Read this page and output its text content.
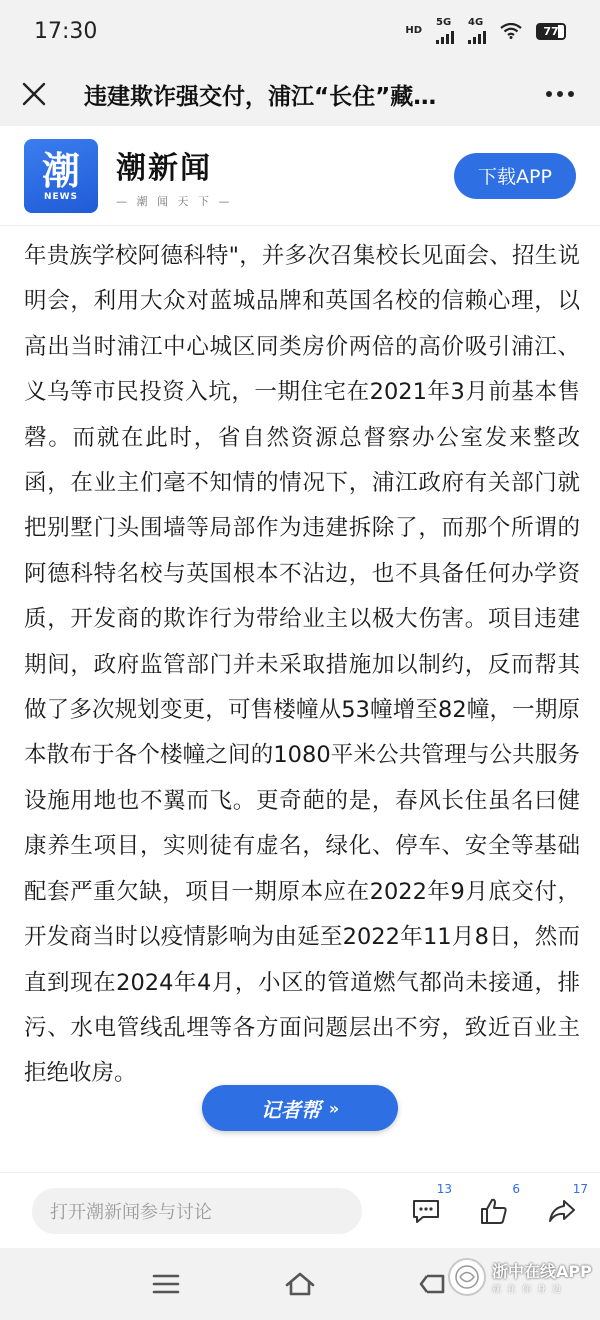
17:30	HD
5G 4G
77
违建欺诈强交付，浦江“长住”藏…
潮
NEWS
潮新闻
— 潮 闻 天 下 —
下载APP

年贵族学校阿德科特"，并多次召集校长见面会、招生说明会，利用大众对蓝城品牌和英国名校的信赖心理，以高出当时浦江中心城区同类房价两倍的高价吸引浦江、义乌等市民投资入坑，一期住宅在2021年3月前基本售磬。而就在此时，省自然资源总督察办公室发来整改函，在业主们毫不知情的情况下，浦江政府有关部门就把别墅门头围墙等局部作为违建拆除了，而那个所谓的阿德科特名校与英国根本不沾边，也不具备任何办学资质，开发商的欺诈行为带给业主以极大伤害。项目违建期间，政府监管部门并未采取措施加以制约，反而帮其做了多次规划变更，可售楼幢从53幢增至82幢，一期原本散布于各个楼幢之间的1080平米公共管理与公共服务设施用地也不翼而飞。更奇葩的是，春风长住虽名曰健康养生项目，实则徒有虚名，绿化、停车、安全等基础配套严重欠缺，项目一期原本应在2022年9月底交付，开发商当时以疫情影响为由延至2022年11月8日，然而直到现在2024年4月，小区的管道燃气都尚未接通，排污、水电管线乱埋等各方面问题层出不穷，致近百业主拒绝收房。

记者帮 »
打开潮新闻参与讨论
13	6	17
浙中在线APP
就在你身边
